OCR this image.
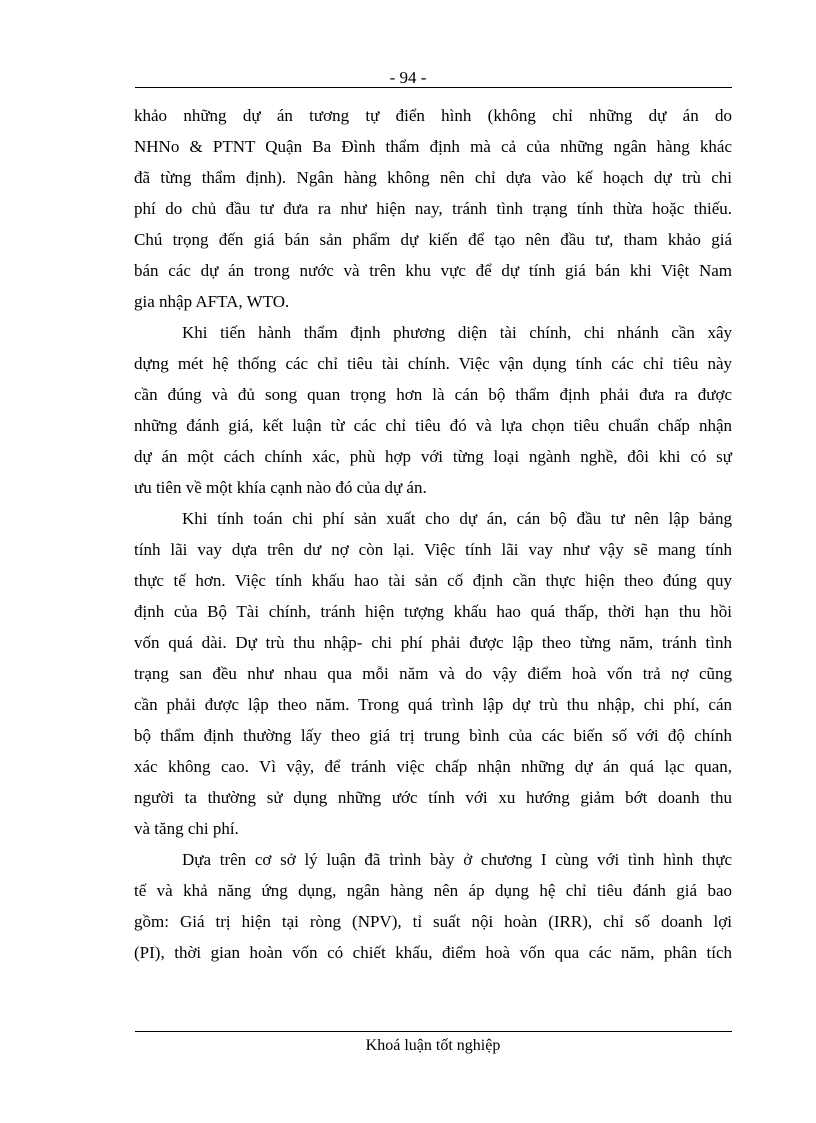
- 94 -
khảo những dự án tương tự điển hình (không chỉ những dự án do
NHNo & PTNT Quận Ba Đình thẩm định mà cả của những ngân hàng khác
đã từng thẩm định). Ngân hàng không nên chỉ dựa vào kế hoạch dự trù chi
phí do chủ đầu tư đưa ra như hiện nay, tránh tình trạng tính thừa hoặc thiếu.
Chú trọng đến giá bán sản phẩm dự kiến để tạo nên đầu tư, tham khảo giá
bán các dự án trong nước và trên khu vực để dự tính giá bán khi Việt Nam
gia nhập AFTA, WTO.
Khi tiến hành thẩm định phương diện tài chính, chi nhánh cần xây
dựng mét hệ thống các chỉ tiêu tài chính. Việc vận dụng tính các chỉ tiêu này
cần đúng và đủ song quan trọng hơn là cán bộ thẩm định phải đưa ra được
những đánh giá, kết luận từ các chỉ tiêu đó và lựa chọn tiêu chuẩn chấp nhận
dự án một cách chính xác, phù hợp với từng loại ngành nghề, đôi khi có sự
ưu tiên về một khía cạnh nào đó của dự án.
Khi tính toán chi phí sản xuất cho dự án, cán bộ đầu tư nên lập bảng
tính lãi vay dựa trên dư nợ còn lại. Việc tính lãi vay như vậy sẽ mang tính
thực tế hơn. Việc tính khấu hao tài sản cố định cần thực hiện theo đúng quy
định của Bộ Tài chính, tránh hiện tượng khấu hao quá thấp, thời hạn thu hồi
vốn quá dài. Dự trù thu nhập- chi phí phải được lập theo từng năm, tránh tình
trạng san đều như nhau qua mỗi năm và do vậy điểm hoà vốn trả nợ cũng
cần phải được lập theo năm. Trong quá trình lập dự trù thu nhập, chi phí, cán
bộ thẩm định thường lấy theo giá trị trung bình của các biến số với độ chính
xác không cao. Vì vậy, để tránh việc chấp nhận những dự án quá lạc quan,
người ta thường sử dụng những ước tính với xu hướng giảm bớt doanh thu
và tăng chi phí.
Dựa trên cơ sở lý luận đã trình bày ở chương I cùng với tình hình thực
tế và khả năng ứng dụng, ngân hàng nên áp dụng hệ chỉ tiêu đánh giá bao
gồm: Giá trị hiện tại ròng (NPV), tỉ suất nội hoàn (IRR), chỉ số doanh lợi
(PI), thời gian hoàn vốn có chiết khấu, điểm hoà vốn qua các năm, phân tích
Khoá luận tốt nghiệp
